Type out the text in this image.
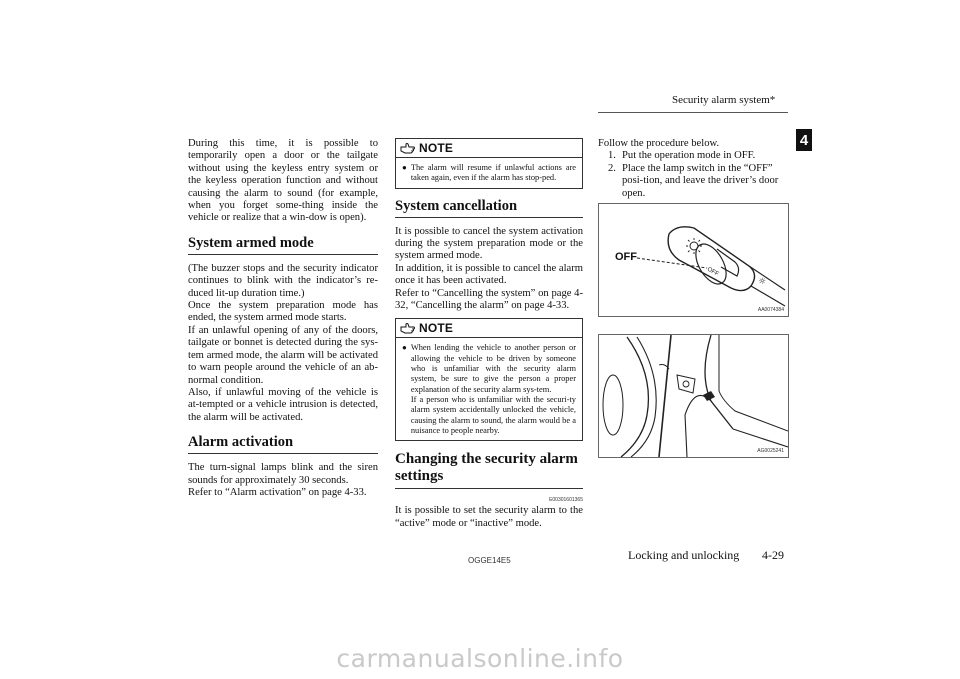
Security alarm system*
4

During this time, it is possible to temporarily open a door or the tailgate without using the keyless entry system or the keyless operation function and without causing the alarm to sound (for example, when you forget some-thing inside the vehicle or realize that a win-dow is open).

System armed mode

(The buzzer stops and the security indicator continues to blink with the indicator’s re-duced lit-up duration time.)

Once the system preparation mode has ended, the system armed mode starts.

If an unlawful opening of any of the doors, tailgate or bonnet is detected during the sys-tem armed mode, the alarm will be activated to warn people around the vehicle of an ab-normal condition.

Also, if unlawful moving of the vehicle is at-tempted or a vehicle intrusion is detected, the alarm will be activated.

Alarm activation

The turn-signal lamps blink and the siren sounds for approximately 30 seconds.

Refer to “Alarm activation” on page 4-33.

NOTE
● The alarm will resume if unlawful actions are taken again, even if the alarm has stop-ped.

System cancellation

It is possible to cancel the system activation during the system preparation mode or the system armed mode.

In addition, it is possible to cancel the alarm once it has been activated.

Refer to “Cancelling the system” on page 4-32, “Cancelling the alarm” on page 4-33.

NOTE
● When lending the vehicle to another person or allowing the vehicle to be driven by someone who is unfamiliar with the security alarm system, be sure to give the person a proper explanation of the security alarm sys-tem.

If a person who is unfamiliar with the securi-ty alarm system accidentally unlocked the vehicle, causing the alarm to sound, the alarm would be a nuisance to people nearby.

Changing the security alarm settings
E00301601365

It is possible to set the security alarm to the “active” mode or “inactive” mode.

Follow the procedure below.

1. Put the operation mode in OFF.
2. Place the lamp switch in the “OFF” posi-tion, and leave the driver’s door open.
OFF
☼
OFF
AA0074384
AG0025241
OGGE14E5	Locking and unlocking 4-29
carmanualsonline.info
